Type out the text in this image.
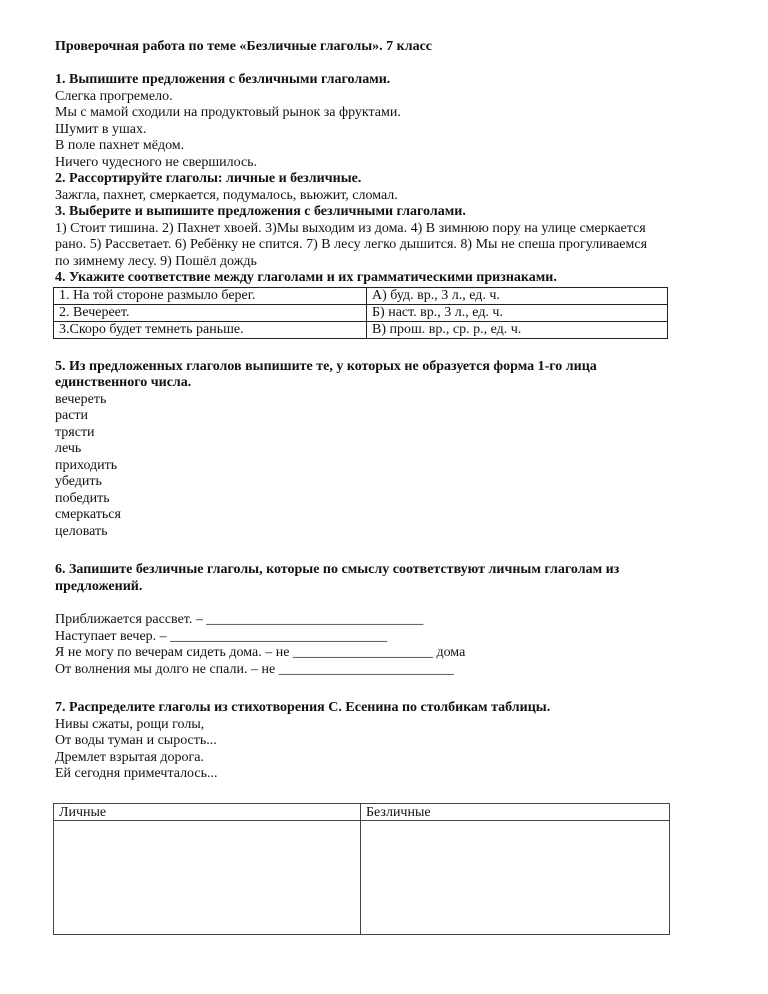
Проверочная работа по теме «Безличные глаголы». 7 класс

1. Выпишите предложения с безличными глаголами.

Слегка прогремело.

Мы с мамой сходили на продуктовый рынок за фруктами.

Шумит в ушах.

В поле пахнет мёдом.

Ничего чудесного не свершилось.

2. Рассортируйте глаголы: личные и безличные.

Зажгла, пахнет, смеркается, подумалось, вьюжит, сломал.

3. Выберите и выпишите предложения с безличными глаголами.

1) Стоит тишина. 2) Пахнет хвоей. 3)Мы выходим из дома. 4) В зимнюю пору на улице смеркается

рано. 5) Рассветает. 6) Ребёнку не спится. 7) В лесу легко дышится. 8) Мы не спеша прогуливаемся

по зимнему лесу. 9) Пошёл дождь

4. Укажите соответствие между глаголами и их грамматическими признаками.

1. На той стороне размыло берег.	А) буд. вр., 3 л., ед. ч.
2. Вечереет.	Б) наст. вр., 3 л., ед. ч.
3.Скоро будет темнеть раньше.	В) прош. вр., ср. р., ед. ч.

5. Из предложенных глаголов выпишите те, у которых не образуется форма 1-го лица

единственного числа.

вечереть

расти

трясти

лечь

приходить

убедить

победить

смеркаться

целовать

6. Запишите безличные глаголы, которые по смыслу соответствуют личным глаголам из

предложений.

Приближается рассвет. – _______________________________

Наступает вечер. – _______________________________

Я не могу по вечерам сидеть дома. – не ____________________ дома

От волнения мы долго не спали. – не _________________________

7. Распределите глаголы из стихотворения С. Есенина по столбикам таблицы.

Нивы сжаты, рощи голы,

От воды туман и сырость...

Дремлет взрытая дорога.

Ей сегодня примечталось...

Личные	Безличные
